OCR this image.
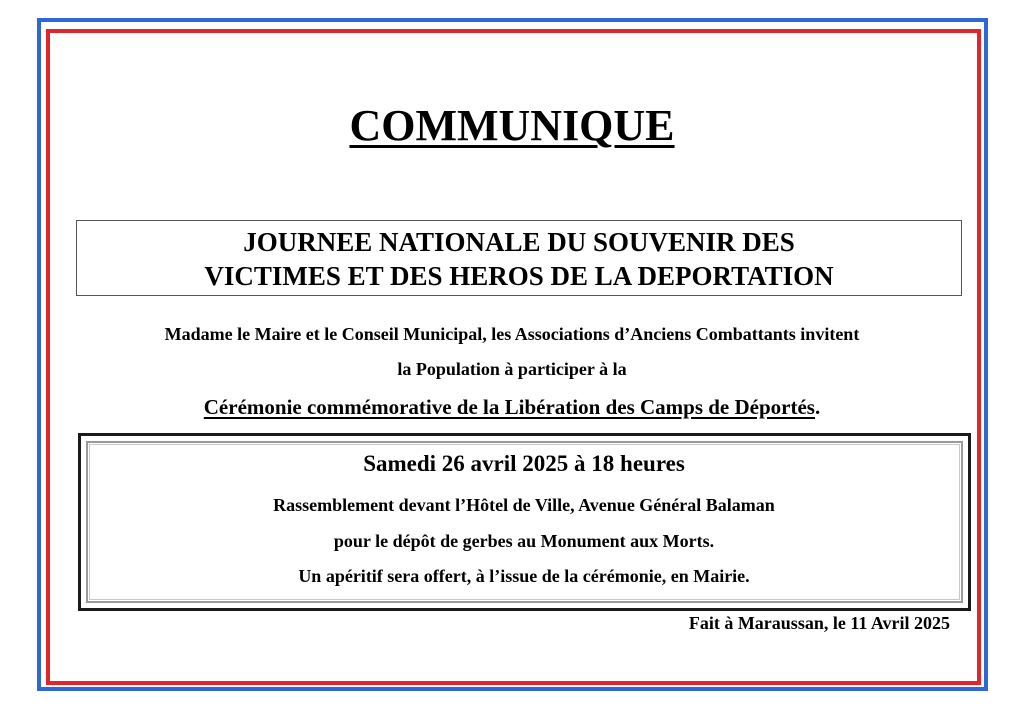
COMMUNIQUE
JOURNEE NATIONALE DU SOUVENIR DES
VICTIMES ET DES HEROS DE LA DEPORTATION
Madame le Maire et le Conseil Municipal, les Associations d’Anciens Combattants invitent
la Population à participer à la
Cérémonie commémorative de la Libération des Camps de Déportés.
Samedi 26 avril 2025 à 18 heures
Rassemblement devant l’Hôtel de Ville, Avenue Général Balaman
pour le dépôt de gerbes au Monument aux Morts.
Un apéritif sera offert, à l’issue de la cérémonie, en Mairie.
Fait à Maraussan, le 11 Avril 2025
